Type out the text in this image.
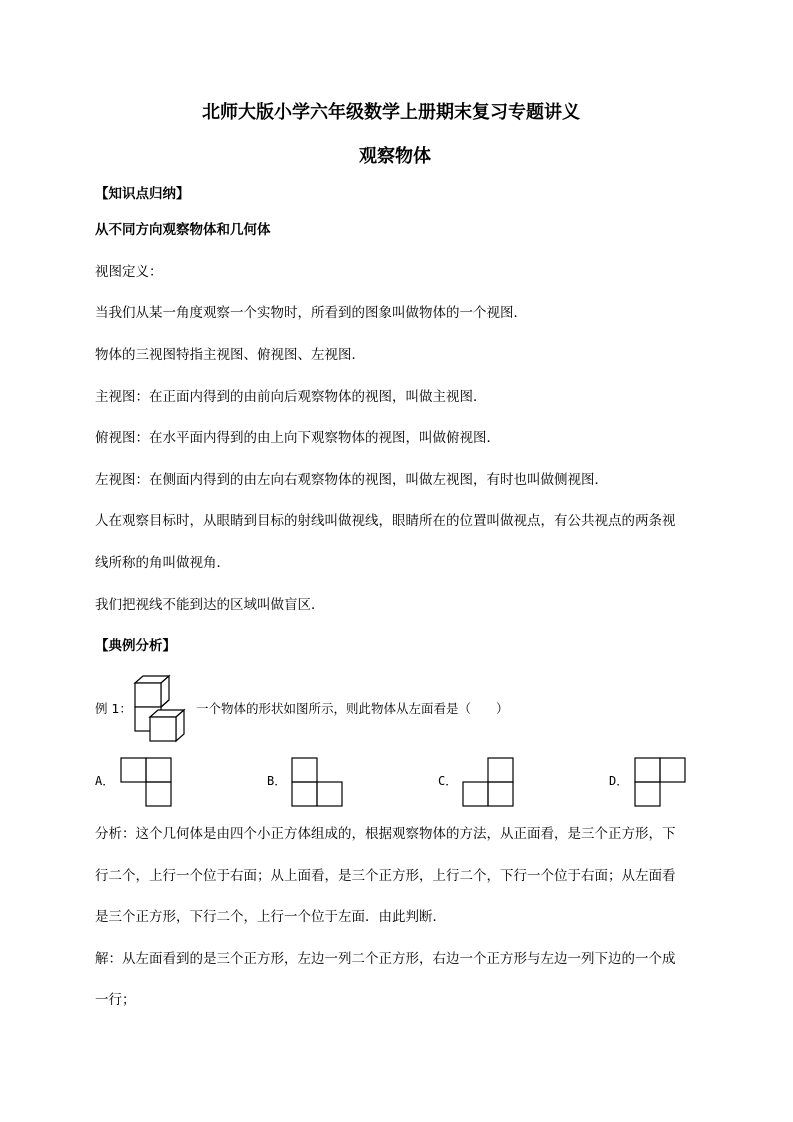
北师大版小学六年级数学上册期末复习专题讲义
观察物体
【知识点归纳】
从不同方向观察物体和几何体
视图定义：
当我们从某一角度观察一个实物时，所看到的图象叫做物体的一个视图．
物体的三视图特指主视图、俯视图、左视图．
主视图：在正面内得到的由前向后观察物体的视图，叫做主视图．
俯视图：在水平面内得到的由上向下观察物体的视图，叫做俯视图．
左视图：在侧面内得到的由左向右观察物体的视图，叫做左视图，有时也叫做侧视图．
人在观察目标时，从眼睛到目标的射线叫做视线，眼睛所在的位置叫做视点，有公共视点的两条视
线所称的角叫做视角．
我们把视线不能到达的区域叫做盲区．
【典例分析】
例 1：	一个物体的形状如图所示，则此物体从左面看是（　　）
A．	B．	C．	D．
分析：这个几何体是由四个小正方体组成的，根据观察物体的方法，从正面看，是三个正方形，下
行二个，上行一个位于右面；从上面看，是三个正方形，上行二个，下行一个位于右面；从左面看
是三个正方形，下行二个，上行一个位于左面．由此判断．
解：从左面看到的是三个正方形，左边一列二个正方形，右边一个正方形与左边一列下边的一个成
一行；
